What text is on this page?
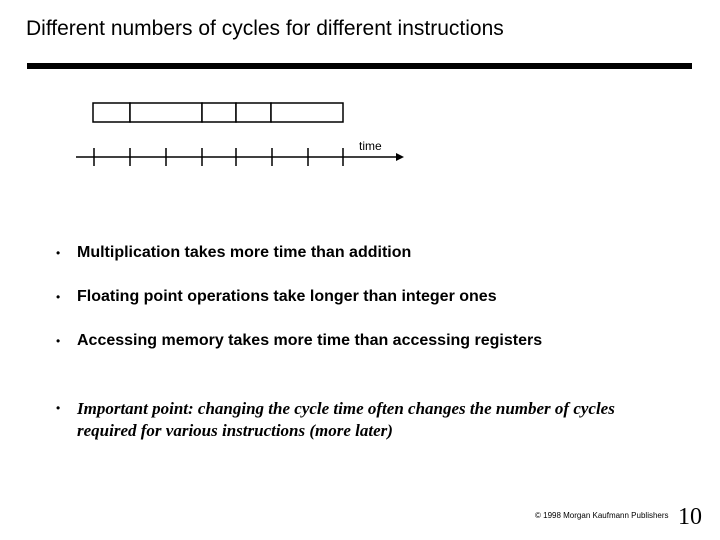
Different numbers of cycles for different instructions
time
• Multiplication takes more time than addition
• Floating point operations take longer than integer ones
• Accessing memory takes more time than accessing registers
• Important point: changing the cycle time often changes the number of cycles required for various instructions (more later)
© 1998 Morgan Kaufmann Publishers 10
